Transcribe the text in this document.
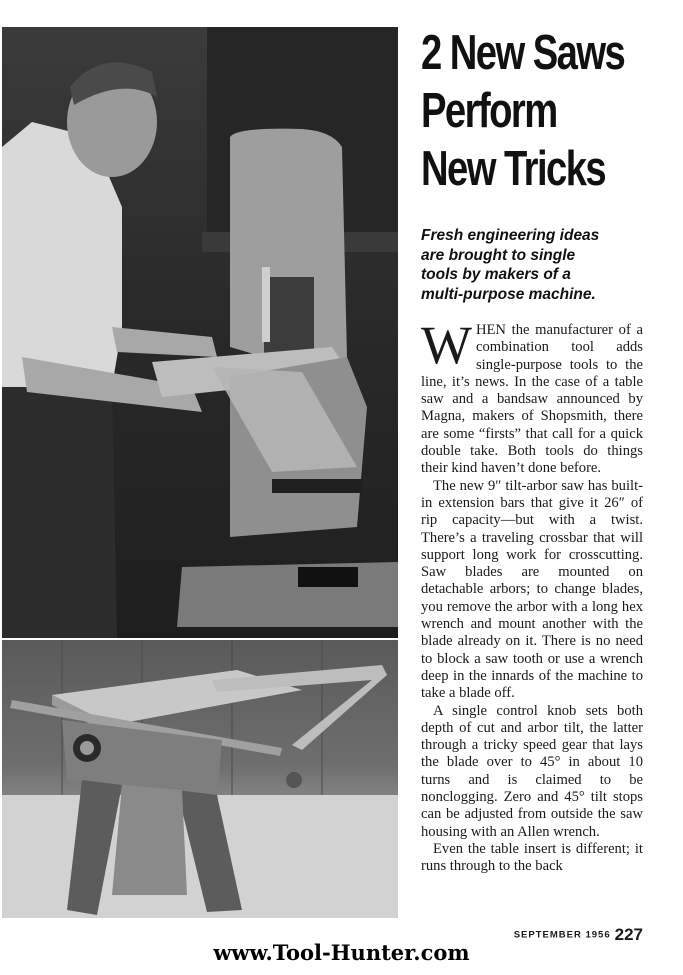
2 New Saws
Perform
New Tricks
Fresh engineering ideas
are brought to single
tools by makers of a
multi-purpose machine.

WHEN the manufacturer of a combination tool adds single-purpose tools to the line, it’s news. In the case of a table saw and a bandsaw announced by Magna, makers of Shopsmith, there are some “firsts” that call for a quick double take. Both tools do things their kind haven’t done before.

The new 9″ tilt-arbor saw has built-in extension bars that give it 26″ of rip capacity—but with a twist. There’s a traveling crossbar that will support long work for crosscutting. Saw blades are mounted on detachable arbors; to change blades, you remove the arbor with a long hex wrench and mount another with the blade already on it. There is no need to block a saw tooth or use a wrench deep in the innards of the machine to take a blade off.

A single control knob sets both depth of cut and arbor tilt, the latter through a tricky speed gear that lays the blade over to 45° in about 10 turns and is claimed to be nonclogging. Zero and 45° tilt stops can be adjusted from outside the saw housing with an Allen wrench.

Even the table insert is different; it runs through to the back

SEPTEMBER 1956 227
www.Tool-Hunter.com
